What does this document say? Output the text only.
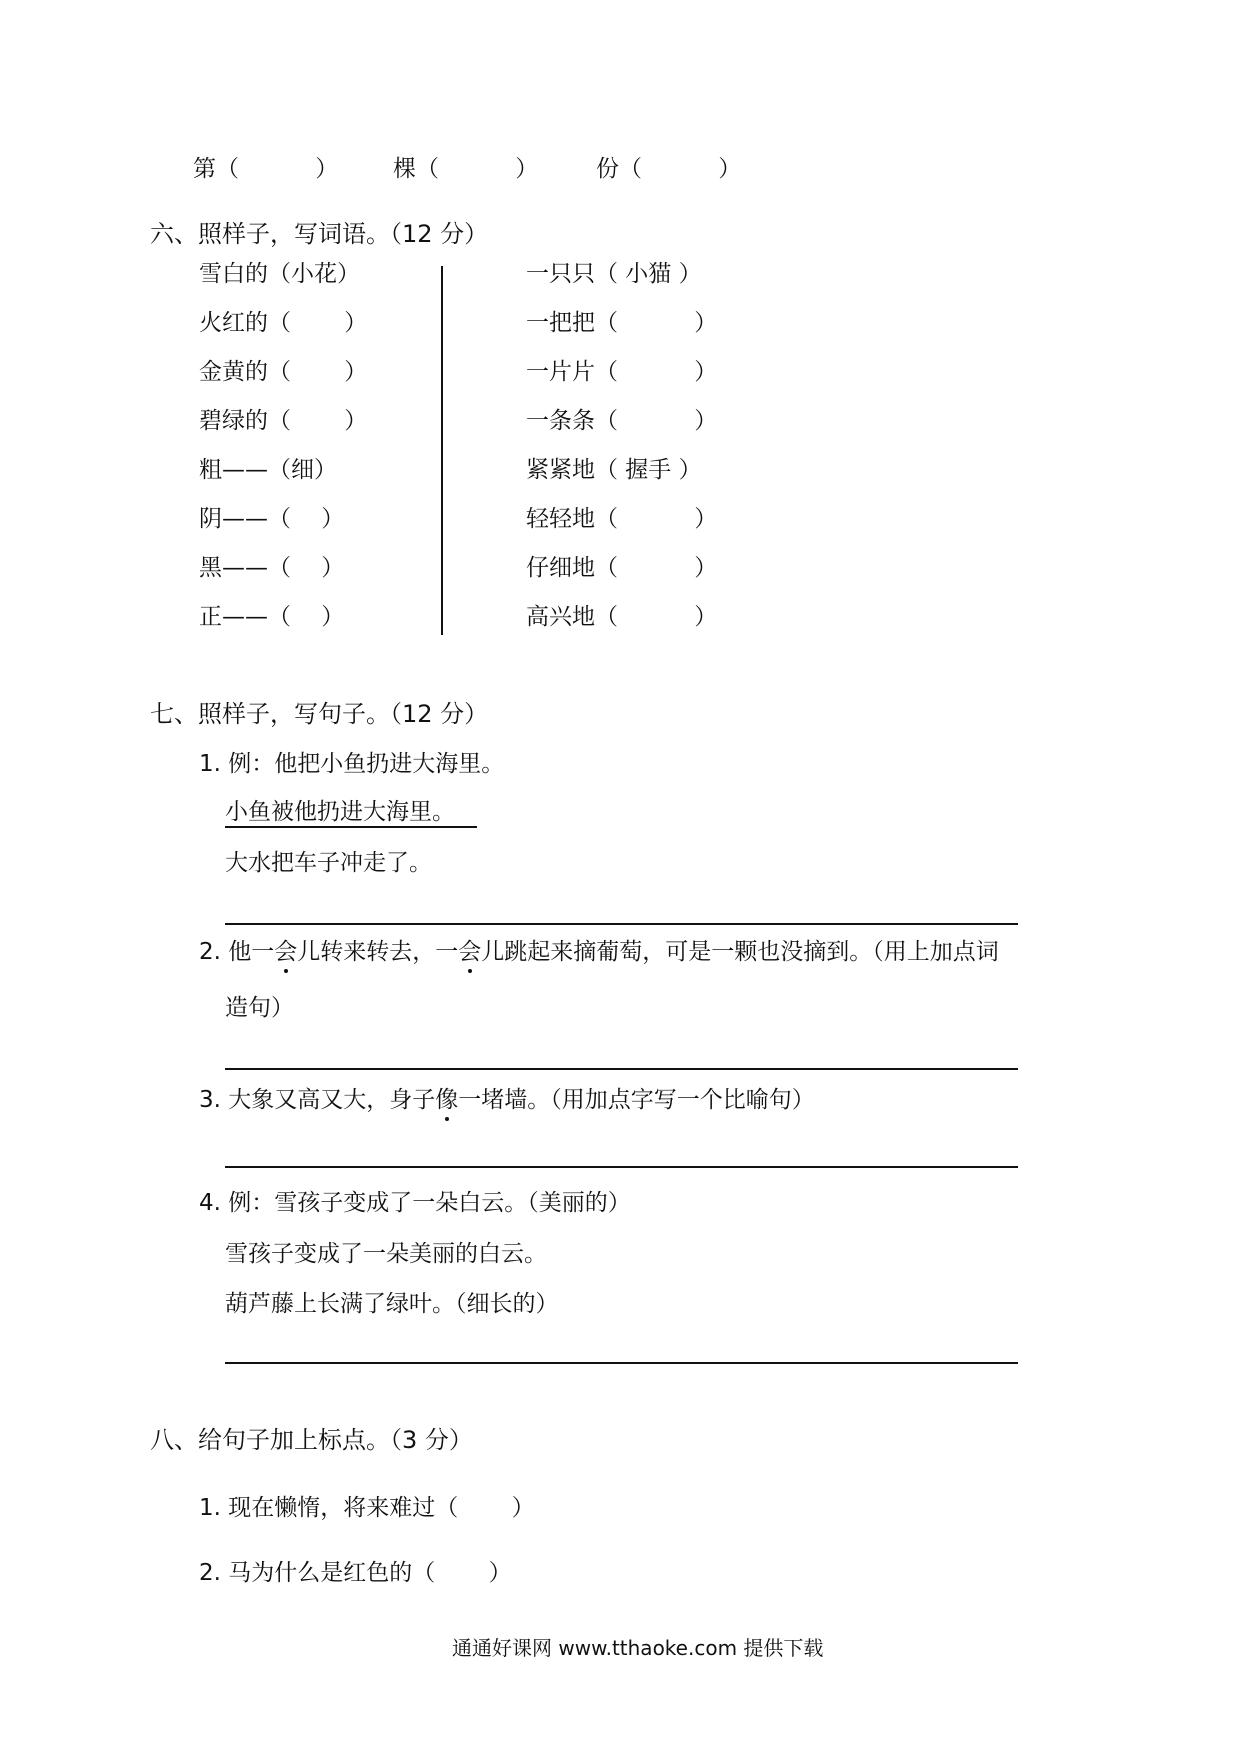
第（ 　　　） 棵（ 　　　）	份（ 　　　）
六、照样子，写词语。（12 分）
雪白的（小花）
火红的（ 　　）
金黄的（ 　　）
碧绿的（ 　　）
粗——（细）
阴——（ 　）
黑——（ 　）
正——（ 　）
一只只（ 小猫 ）
一把把（ 　　　）
一片片（ 　　　）
一条条（ 　　　）
紧紧地（ 握手 ）
轻轻地（ 　　　）
仔细地（ 　　　）
高兴地（ 　　　）
七、照样子，写句子。（12 分）
1. 例：他把小鱼扔进大海里。
小鱼被他扔进大海里。
大水把车子冲走了。
2. 他一会儿转来转去，一会儿跳起来摘葡萄，可是一颗也没摘到。（用上加点词
造句）
3. 大象又高又大，身子像一堵墙。（用加点字写一个比喻句）
4. 例：雪孩子变成了一朵白云。（美丽的）
雪孩子变成了一朵美丽的白云。
葫芦藤上长满了绿叶。（细长的）
八、给句子加上标点。（3 分）
1. 现在懒惰，将来难过（ 　　）
2. 马为什么是红色的（ 　　）
通通好课网 www.tthaoke.com 提供下载
